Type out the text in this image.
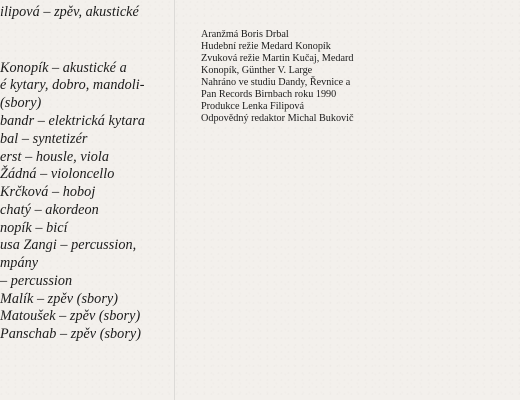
ilipová – zpěv, akustické
Konopík – akustické a
é kytary, dobro, mandoli-
(sbory)
bandr – elektrická kytara
bal – syntetizér
erst – housle, viola
Žádná – violoncello
Krčková – hoboj
chatý – akordeon
nopík – bicí
usa Zangi – percussion,
mpány
– percussion
Malík – zpěv (sbory)
Matoušek – zpěv (sbory)
Panschab – zpěv (sbory)
Aranžmá Boris Drbal
Hudební režie Medard Konopík
Zvuková režie Martin Kučaj, Medard
Konopík, Günther V. Large
Nahráno ve studiu Dandy, Řevnice a
Pan Records Birnbach roku 1990
Produkce Lenka Filipová
Odpovědný redaktor Michal Bukovič
